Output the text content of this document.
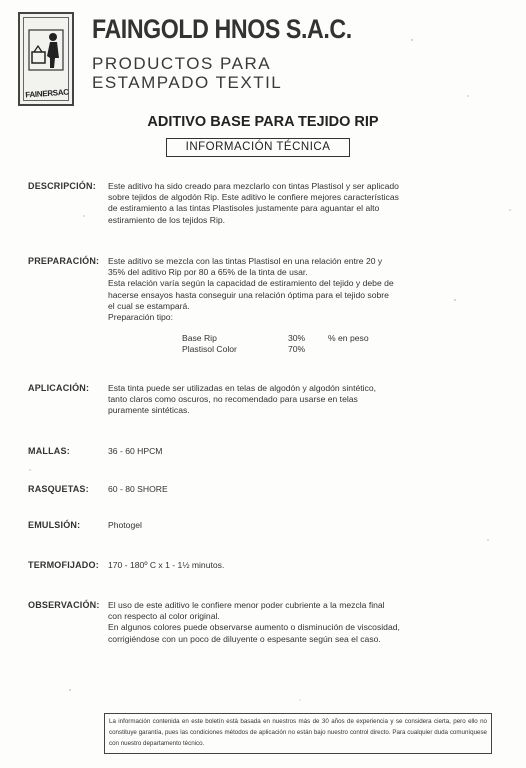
FAINERSAC
FAINGOLD HNOS S.A.C.
PRODUCTOS PARA
ESTAMPADO TEXTIL
ADITIVO BASE PARA TEJIDO RIP
INFORMACIÓN TÉCNICA
DESCRIPCIÓN: Este aditivo ha sido creado para mezclarlo con tintas Plastisol y ser aplicado
sobre tejidos de algodón Rip. Este aditivo le confiere mejores características
de estiramiento a las tintas Plastisoles justamente para aguantar el alto
estiramiento de los tejidos Rip.
PREPARACIÓN: Este aditivo se mezcla con las tintas Plastisol en una relación entre 20 y
35% del aditivo Rip por 80 a 65% de la tinta de usar.
Esta relación varía según la capacidad de estiramiento del tejido y debe de
hacerse ensayos hasta conseguir una relación óptima para el tejido sobre
el cual se estampará.
Preparación tipo:
Base Rip	30%	% en peso
Plastisol Color	70%
APLICACIÓN: Esta tinta puede ser utilizadas en telas de algodón y algodón sintético,
tanto claros como oscuros, no recomendado para usarse en telas
puramente sintéticas.
MALLAS:	36 - 60 HPCM
RASQUETAS: 60 - 80 SHORE
EMULSIÓN:	Photogel
TERMOFIJADO: 170 - 180º C x 1 - 1½ minutos.
OBSERVACIÓN: El uso de este aditivo le confiere menor poder cubriente a la mezcla final
con respecto al color original.
En algunos colores puede observarse aumento o disminución de viscosidad,
corrigiéndose con un poco de diluyente o espesante según sea el caso.
La información contenida en este boletín está basada en nuestros más de 30 años de experiencia y se considera cierta, pero ello no constituye garantía, pues las condiciones métodos de aplicación no están bajo nuestro control directo. Para cualquier duda comuníquese con nuestro departamento técnico.
